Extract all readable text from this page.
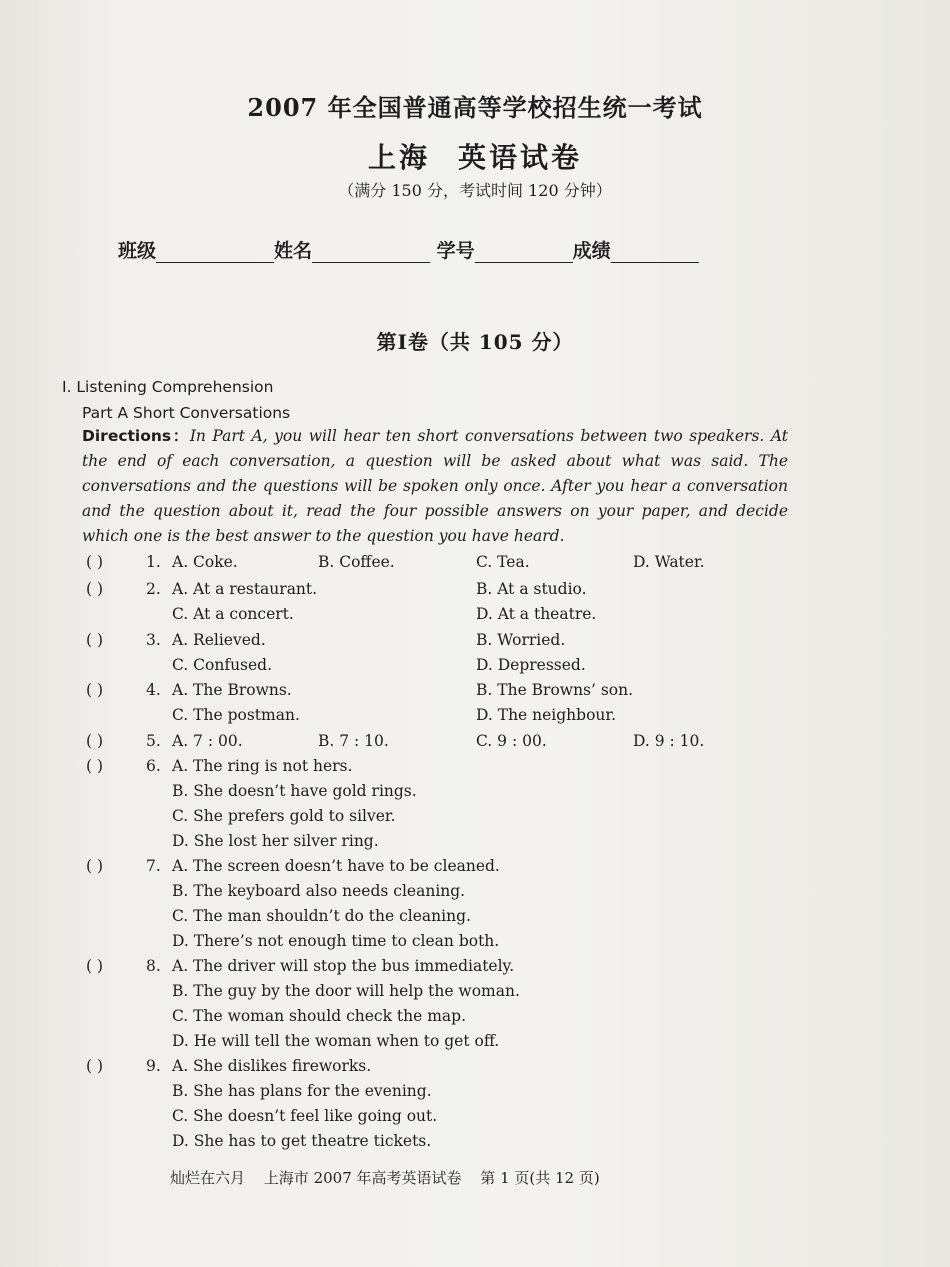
2007 年全国普通高等学校招生统一考试
上海 英语试卷
（满分 150 分，考试时间 120 分钟）
班级	姓名	学号	成绩
第Ⅰ卷（共 105 分）
Ⅰ. Listening Comprehension
Part A Short Conversations
Directions：In Part A, you will hear ten short conversations between two speakers. At the end of each conversation, a question will be asked about what was said. The conversations and the questions will be spoken only once. After you hear a conversation and the question about it, read the four possible answers on your paper, and decide which one is the best answer to the question you have heard.
( )	1. A. Coke.	B. Coffee.	C. Tea.	D. Water.
( )	2. A. At a restaurant.	B. At a studio.
C. At a concert.	D. At a theatre.
( )	3. A. Relieved.	B. Worried.
C. Confused.	D. Depressed.
( )	4. A. The Browns.	B. The Browns’ son.
C. The postman.	D. The neighbour.
( )	5. A. 7 : 00.	B. 7 : 10.	C. 9 : 00.	D. 9 : 10.
( )	6. A. The ring is not hers.
B. She doesn’t have gold rings.
C. She prefers gold to silver.
D. She lost her silver ring.
( )	7. A. The screen doesn’t have to be cleaned.
B. The keyboard also needs cleaning.
C. The man shouldn’t do the cleaning.
D. There’s not enough time to clean both.
( )	8. A. The driver will stop the bus immediately.
B. The guy by the door will help the woman.
C. The woman should check the map.
D. He will tell the woman when to get off.
( )	9. A. She dislikes fireworks.
B. She has plans for the evening.
C. She doesn’t feel like going out.
D. She has to get theatre tickets.
灿烂在六月 上海市 2007 年高考英语试卷 第 1 页(共 12 页)
